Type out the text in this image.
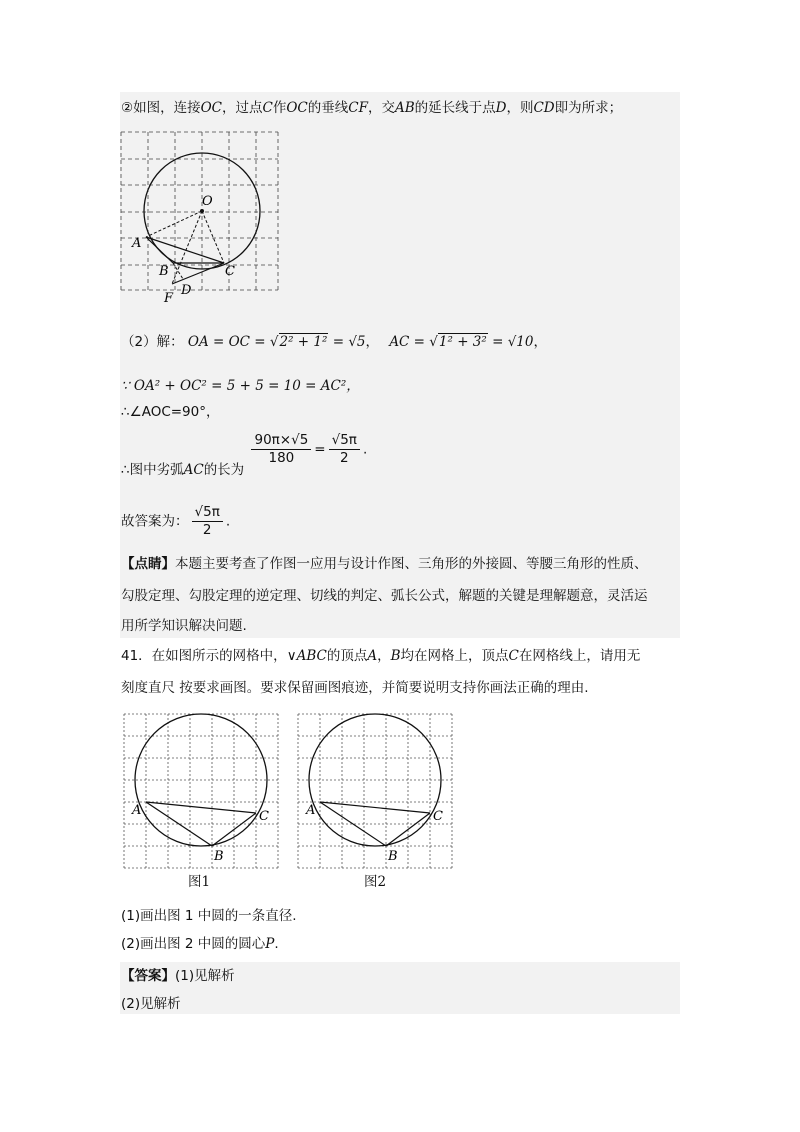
②如图，连接OC，过点C作OC的垂线CF，交AB的延长线于点D，则CD即为所求；
O
A
B	C
D
F
（2）解： OA = OC = √2² + 1² = √5， AC = √1² + 3² = √10，
∵ OA² + OC² = 5 + 5 = 10 = AC²，
∴∠AOC=90°，
∴图中劣弧AC的长为
$\frac{90\pi\times√5}{180} = \frac{√5\pi}{2}$ .
故答案为： $\frac{√5\pi}{2}$ .
【点睛】本题主要考查了作图一应用与设计作图、三角形的外接圆、等腰三角形的性质、
勾股定理、勾股定理的逆定理、切线的判定、弧长公式，解题的关键是理解题意，灵活运
用所学知识解决问题.
41．在如图所示的网格中，∨ABC的顶点A，B均在网格上，顶点C在网格线上，请用无
刻度直尺 按要求画图。要求保留画图痕迹，并简要说明支持你画法正确的理由.
A
B
C
图1
A
B
C
图2
(1)画出图 1 中圆的一条直径.
(2)画出图 2 中圆的圆心P.
【答案】(1)见解析
(2)见解析
